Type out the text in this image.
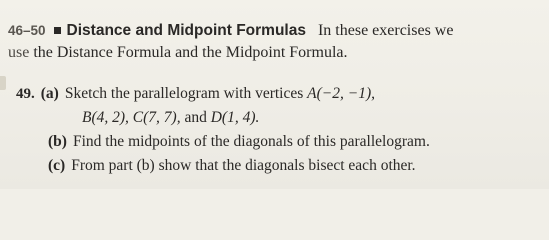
46–50 Distance and Midpoint Formulas In these exercises we
use the Distance Formula and the Midpoint Formula.
49. (a) Sketch the parallelogram with vertices A(−2, −1),
B(4, 2), C(7, 7), and D(1, 4).
(b) Find the midpoints of the diagonals of this parallelogram.
(c) From part (b) show that the diagonals bisect each other.
